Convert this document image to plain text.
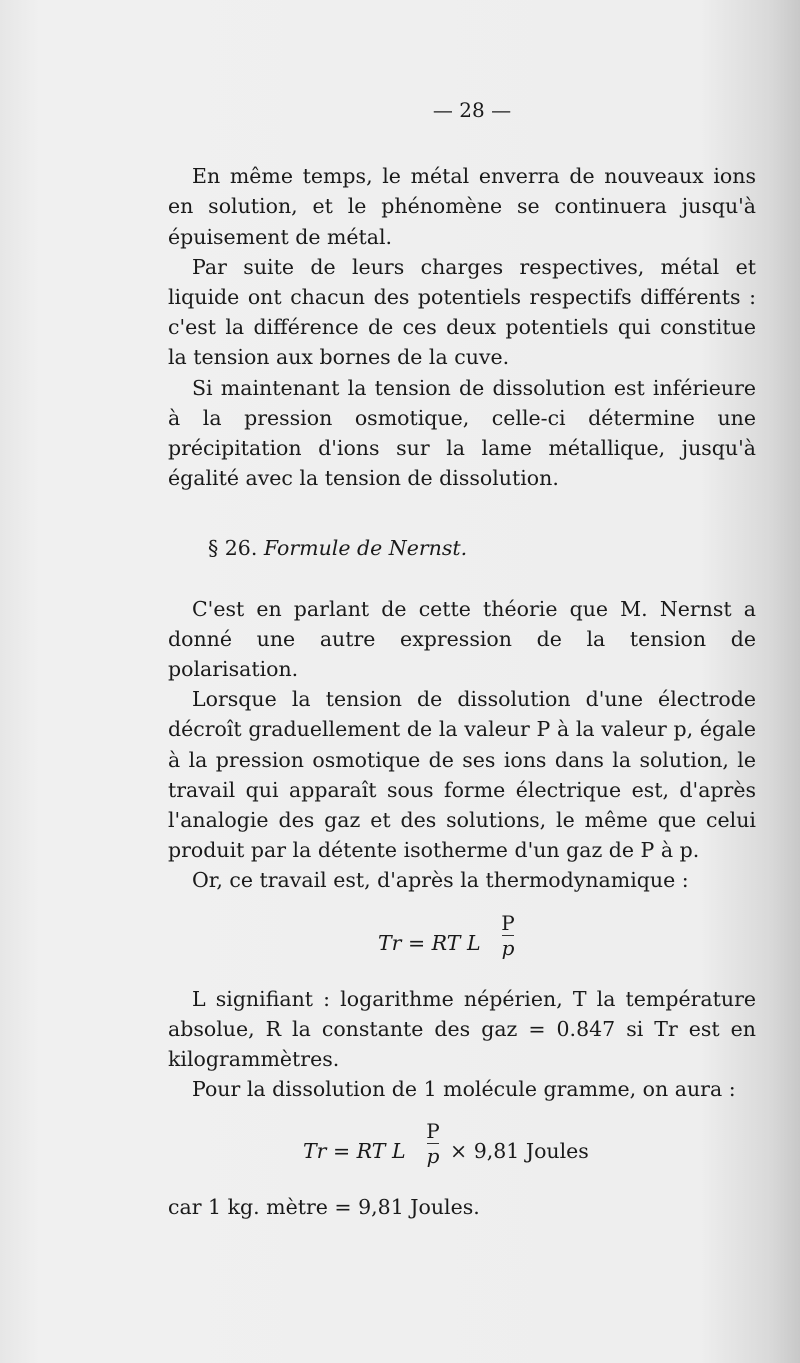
— 28 —

En même temps, le métal enverra de nouveaux ions en solution, et le phénomène se continuera jusqu'à épuisement de métal.

Par suite de leurs charges respectives, métal et liquide ont chacun des potentiels respectifs différents : c'est la différence de ces deux potentiels qui constitue la tension aux bornes de la cuve.

Si maintenant la tension de dissolution est inférieure à la pression osmotique, celle-ci détermine une précipitation d'ions sur la lame métallique, jusqu'à égalité avec la tension de dissolution.

§ 26. Formule de Nernst.

C'est en parlant de cette théorie que M. Nernst a donné une autre expression de la tension de polarisation.

Lorsque la tension de dissolution d'une électrode décroît graduellement de la valeur P à la valeur p, égale à la pression osmotique de ses ions dans la solution, le travail qui apparaît sous forme électrique est, d'après l'analogie des gaz et des solutions, le même que celui produit par la détente isotherme d'un gaz de P à p.

Or, ce travail est, d'après la thermodynamique :

Tr = RT L
P
p

L signifiant : logarithme népérien, T la température absolue, R la constante des gaz = 0.847 si Tr est en kilogrammètres.

Pour la dissolution de 1 molécule gramme, on aura :

Tr = RT L
P
p × 9,81 Joules

car 1 kg. mètre = 9,81 Joules.
